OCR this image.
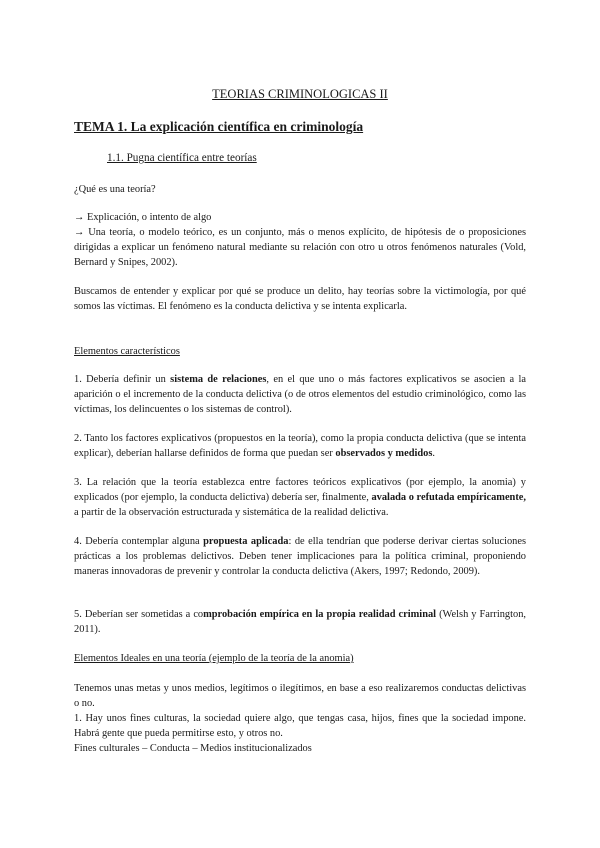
TEORIAS CRIMINOLOGICAS II
TEMA 1. La explicación científica en criminología
1.1. Pugna científica entre teorías

¿Qué es una teoría?

→ Explicación, o intento de algo

→ Una teoría, o modelo teórico, es un conjunto, más o menos explícito, de hipótesis de o proposiciones dirigidas a explicar un fenómeno natural mediante su relación con otro u otros fenómenos naturales (Vold, Bernard y Snipes, 2002).

Buscamos de entender y explicar por qué se produce un delito, hay teorías sobre la victimología, por qué somos las víctimas. El fenómeno es la conducta delictiva y se intenta explicarla.

Elementos característicos

1. Debería definir un sistema de relaciones, en el que uno o más factores explicativos se asocien a la aparición o el incremento de la conducta delictiva (o de otros elementos del estudio criminológico, como las víctimas, los delincuentes o los sistemas de control).

2. Tanto los factores explicativos (propuestos en la teoría), como la propia conducta delictiva (que se intenta explicar), deberían hallarse definidos de forma que puedan ser observados y medidos.

3. La relación que la teoría establezca entre factores teóricos explicativos (por ejemplo, la anomia) y explicados (por ejemplo, la conducta delictiva) debería ser, finalmente, avalada o refutada empíricamente, a partir de la observación estructurada y sistemática de la realidad delictiva.

4. Debería contemplar alguna propuesta aplicada: de ella tendrían que poderse derivar ciertas soluciones prácticas a los problemas delictivos. Deben tener implicaciones para la política criminal, proponiendo maneras innovadoras de prevenir y controlar la conducta delictiva (Akers, 1997; Redondo, 2009).

5. Deberían ser sometidas a comprobación empírica en la propia realidad criminal (Welsh y Farrington, 2011).

Elementos Ideales en una teoría (ejemplo de la teoría de la anomia)

Tenemos unas metas y unos medios, legítimos o ilegítimos, en base a eso realizaremos conductas delictivas o no.

1. Hay unos fines culturas, la sociedad quiere algo, que tengas casa, hijos, fines que la sociedad impone. Habrá gente que pueda permitirse esto, y otros no.

Fines culturales – Conducta – Medios institucionalizados
